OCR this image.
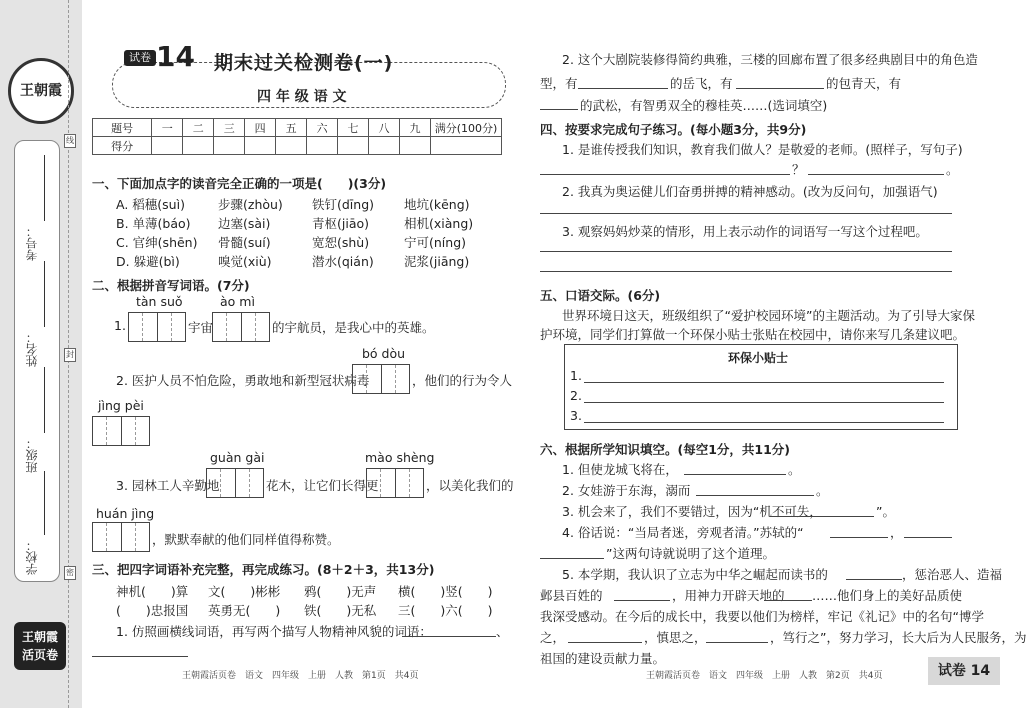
王朝霞
考号：
姓名：
班级：
学校：
线
封
密
王朝霞
活页卷
试卷 14 期末过关检测卷(一)
四 年 级 语 文
题号	一	二	三	四	五	六	七	八	九	满分(100分)
得分										
一、下面加点字的读音完全正确的一项是(　　)(3分)
A. 稻穗(suì)	步骤(zhòu) 铁钉(dīng) 地坑(kēng)
B. 单薄(báo) 边塞(sài)	青枢(jiāo)	相机(xiàng)
C. 官绅(shēn) 骨髓(suí)	宽恕(shù)	宁可(níng)
D. 躲避(bì)	嗅觉(xiù)	潜水(qián) 泥浆(jiāng)
二、根据拼音写词语。(7分)
tàn suǒ	ào mì
1.	宇宙	的宇航员，是我心中的英雄。
bó dòu
2. 医护人员不怕危险，勇敢地和新型冠状病毒	，他们的行为令人
jìng pèi
guàn gài	mào shèng
3. 园林工人辛勤地	花木，让它们长得更	，以美化我们的
huán jìng
，默默奉献的他们同样值得称赞。
三、把四字词语补充完整，再完成练习。(8＋2＋3，共13分)
神机(　　)算 文(　　)彬彬 鸦(　　)无声 横(　　)竖(　　)
(　　)忠报国 英勇无(　　) 铁(　　)无私 三(　　)六(　　)
1. 仿照画横线词语，再写两个描写人物精神风貌的词语：	、
王朝霞活页卷　语文　四年级　上册　人教　第1页　共4页
2. 这个大剧院装修得简约典雅，三楼的回廊布置了很多经典剧目中的角色造
型，有	的岳飞，有	的包青天，有
的武松，有智勇双全的穆桂英……(选词填空)
四、按要求完成句子练习。(每小题3分，共9分)
1. 是谁传授我们知识，教育我们做人？是敬爱的老师。(照样子，写句子)
？	。
2. 我真为奥运健儿们奋勇拼搏的精神感动。(改为反问句，加强语气)
3. 观察妈妈炒菜的情形，用上表示动作的词语写一写这个过程吧。
五、口语交际。(6分)
世界环境日这天，班级组织了“爱护校园环境”的主题活动。为了引导大家保
护环境，同学们打算做一个环保小贴士张贴在校园中，请你来写几条建议吧。
环保小贴士
1.
2.
3.
六、根据所学知识填空。(每空1分，共11分)
1. 但使龙城飞将在，	。
2. 女娃游于东海，溺而	。
3. 机会来了，我们不要错过，因为“机不可失，	”。
4. 俗话说：“当局者迷，旁观者清。”苏轼的“	，
”这两句诗就说明了这个道理。
5. 本学期，我认识了立志为中华之崛起而读书的	，惩治恶人、造福
邺县百姓的	，用神力开辟天地的 ……他们身上的美好品质使
我深受感动。在今后的成长中，我要以他们为榜样，牢记《礼记》中的名句“博学
之，	，慎思之，	，笃行之”，努力学习，长大后为人民服务，为
祖国的建设贡献力量。
王朝霞活页卷　语文　四年级　上册　人教　第2页　共4页	试卷 14
